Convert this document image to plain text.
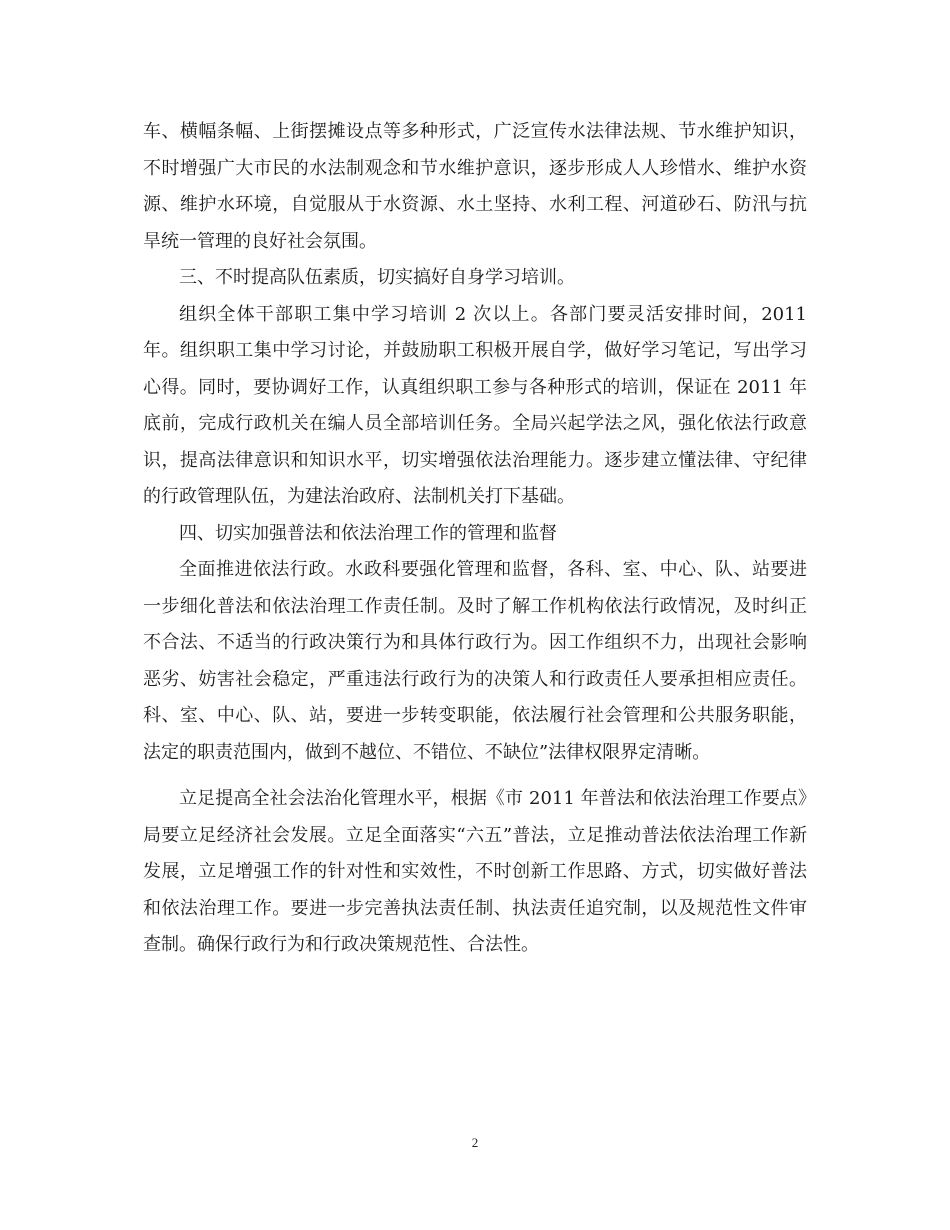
车、横幅条幅、上街摆摊设点等多种形式，广泛宣传水法律法规、节水维护知识，不时增强广大市民的水法制观念和节水维护意识，逐步形成人人珍惜水、维护水资源、维护水环境，自觉服从于水资源、水土坚持、水利工程、河道砂石、防汛与抗旱统一管理的良好社会氛围。

三、不时提高队伍素质，切实搞好自身学习培训。

组织全体干部职工集中学习培训 2 次以上。各部门要灵活安排时间，2011 年。组织职工集中学习讨论，并鼓励职工积极开展自学，做好学习笔记，写出学习心得。同时，要协调好工作，认真组织职工参与各种形式的培训，保证在 2011 年底前，完成行政机关在编人员全部培训任务。全局兴起学法之风，强化依法行政意识，提高法律意识和知识水平，切实增强依法治理能力。逐步建立懂法律、守纪律的行政管理队伍，为建法治政府、法制机关打下基础。

四、切实加强普法和依法治理工作的管理和监督

全面推进依法行政。水政科要强化管理和监督，各科、室、中心、队、站要进一步细化普法和依法治理工作责任制。及时了解工作机构依法行政情况，及时纠正不合法、不适当的行政决策行为和具体行政行为。因工作组织不力，出现社会影响恶劣、妨害社会稳定，严重违法行政行为的决策人和行政责任人要承担相应责任。科、室、中心、队、站，要进一步转变职能，依法履行社会管理和公共服务职能，法定的职责范围内，做到不越位、不错位、不缺位”法律权限界定清晰。

立足提高全社会法治化管理水平，根据《市 2011 年普法和依法治理工作要点》局要立足经济社会发展。立足全面落实“六五”普法，立足推动普法依法治理工作新发展，立足增强工作的针对性和实效性，不时创新工作思路、方式，切实做好普法和依法治理工作。要进一步完善执法责任制、执法责任追究制，以及规范性文件审查制。确保行政行为和行政决策规范性、合法性。

2
